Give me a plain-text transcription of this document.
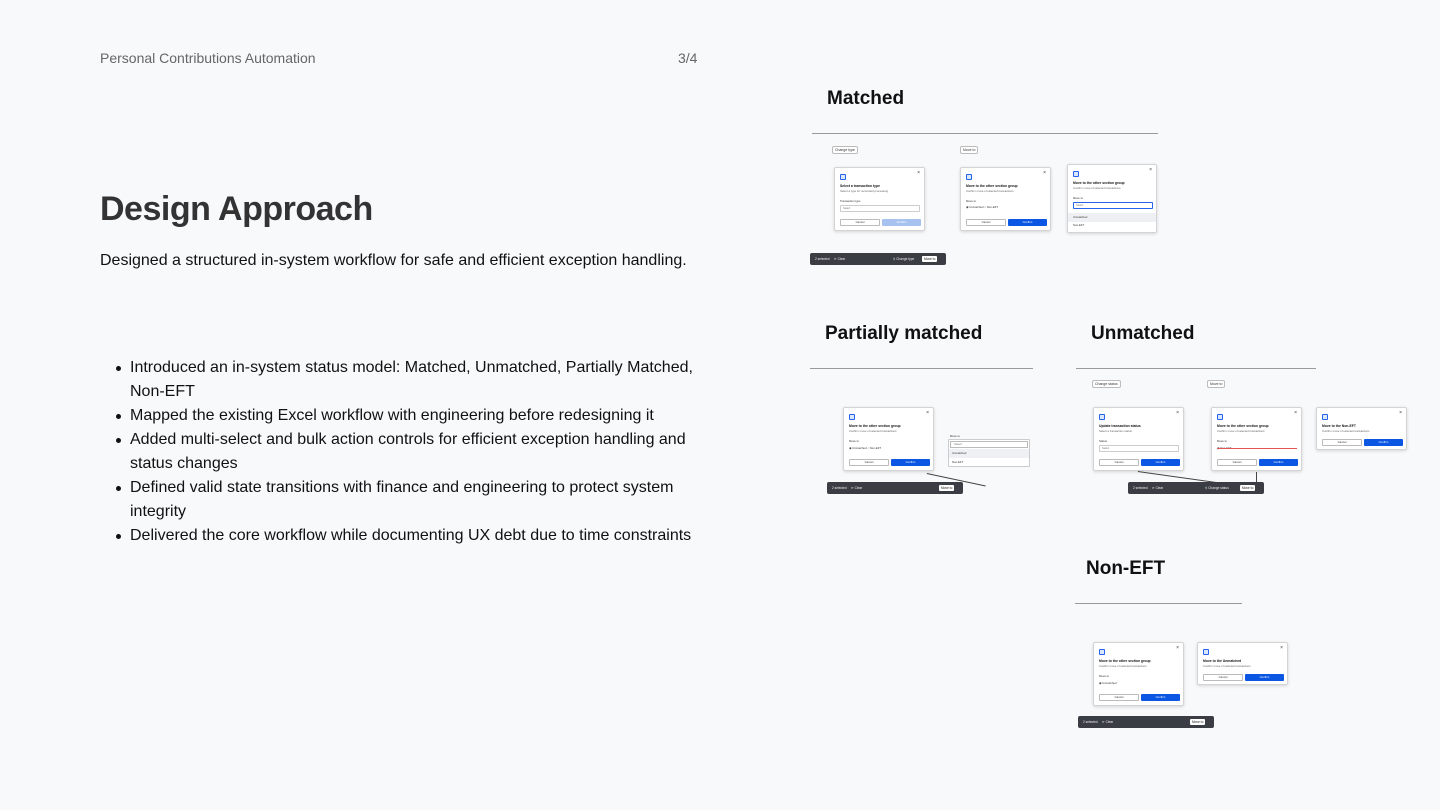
Personal Contributions Automation	3/4
Design Approach

Designed a structured in-system workflow for safe and efficient exception handling.

Introduced an in-system status model: Matched, Unmatched, Partially Matched, Non-EFT
Mapped the existing Excel workflow with engineering before redesigning it
Added multi-select and bulk action controls for efficient exception handling and status changes
Defined valid state transitions with finance and engineering to protect system integrity
Delivered the core workflow while documenting UX debt due to time constraints
Matched
Change type	Move to
×
Select a transaction type
Select a type for reconciled processing
Transaction type
Select
Cancel	Confirm
×
Move to the other section group
Confirm move of selected transactions
Move to
◉ Unmatched ○ Non-EFT
Cancel	Confirm
×
Move to the other section group
Confirm move of selected transactions
Move to
Select
Unmatched
Non-EFT
2 selected ⟳ Clear	⚲ Change type	Move to
Partially matched
×
Move to the other section group
Confirm move of selected transactions
Move to
◉ Unmatched ○ Non-EFT
Cancel	Confirm
Move to
Select
Unmatched
Non-EFT
2 selected ⟳ Clear	Move to
Unmatched
Change status	Move to
×
Update transaction status
Select a transaction status
Status
Select
Cancel	Confirm
×
Move to the other section group
Confirm move of selected transactions
Move to
Cancel	Confirm
×
Move to the Non-EFT
Confirm move of selected transactions
Cancel	Confirm
2 selected ⟳ Clear	⚲ Change status	Move to
Non-EFT
×
Move to the other section group
Confirm move of selected transactions
Move to
◉ Unmatched
Cancel	Confirm
×
Move to the Unmatched
Confirm move of selected transactions
Cancel	Confirm
2 selected ⟳ Clear	Move to
